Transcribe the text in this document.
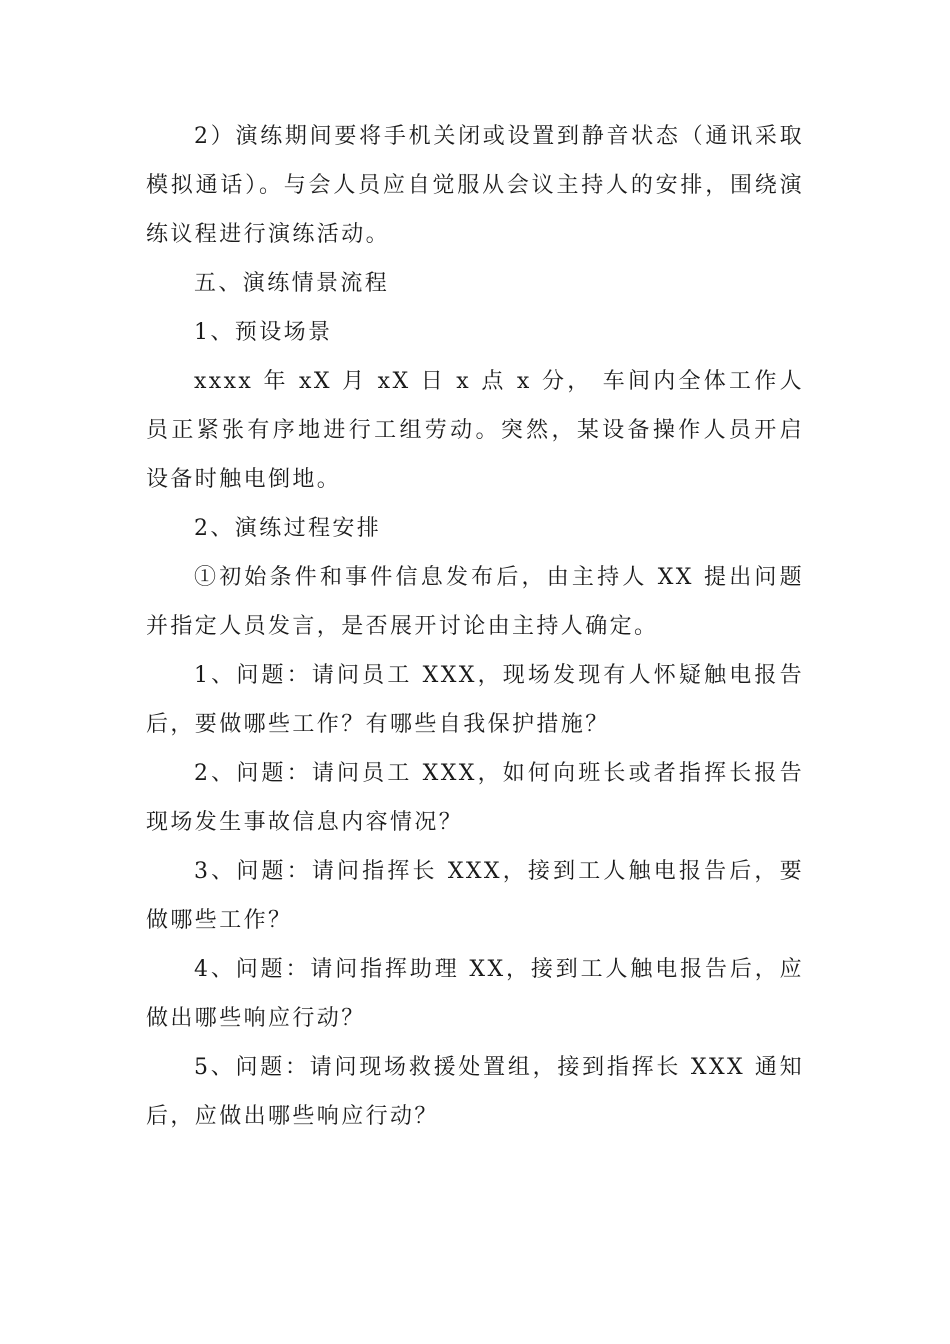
2）演练期间要将手机关闭或设置到静音状态（通讯采取模拟通话）。与会人员应自觉服从会议主持人的安排，围绕演练议程进行演练活动。

五、演练情景流程

1、预设场景

xxxx 年 xX 月 xX 日 x 点 x 分， 车间内全体工作人员正紧张有序地进行工组劳动。突然，某设备操作人员开启设备时触电倒地。

2、演练过程安排

①初始条件和事件信息发布后，由主持人 XX 提出问题并指定人员发言，是否展开讨论由主持人确定。

1、问题：请问员工 XXX，现场发现有人怀疑触电报告后，要做哪些工作？有哪些自我保护措施？

2、问题：请问员工 XXX，如何向班长或者指挥长报告现场发生事故信息内容情况？

3、问题：请问指挥长 XXX，接到工人触电报告后，要做哪些工作？

4、问题：请问指挥助理 XX，接到工人触电报告后，应做出哪些响应行动？

5、问题：请问现场救援处置组，接到指挥长 XXX 通知后，应做出哪些响应行动？
